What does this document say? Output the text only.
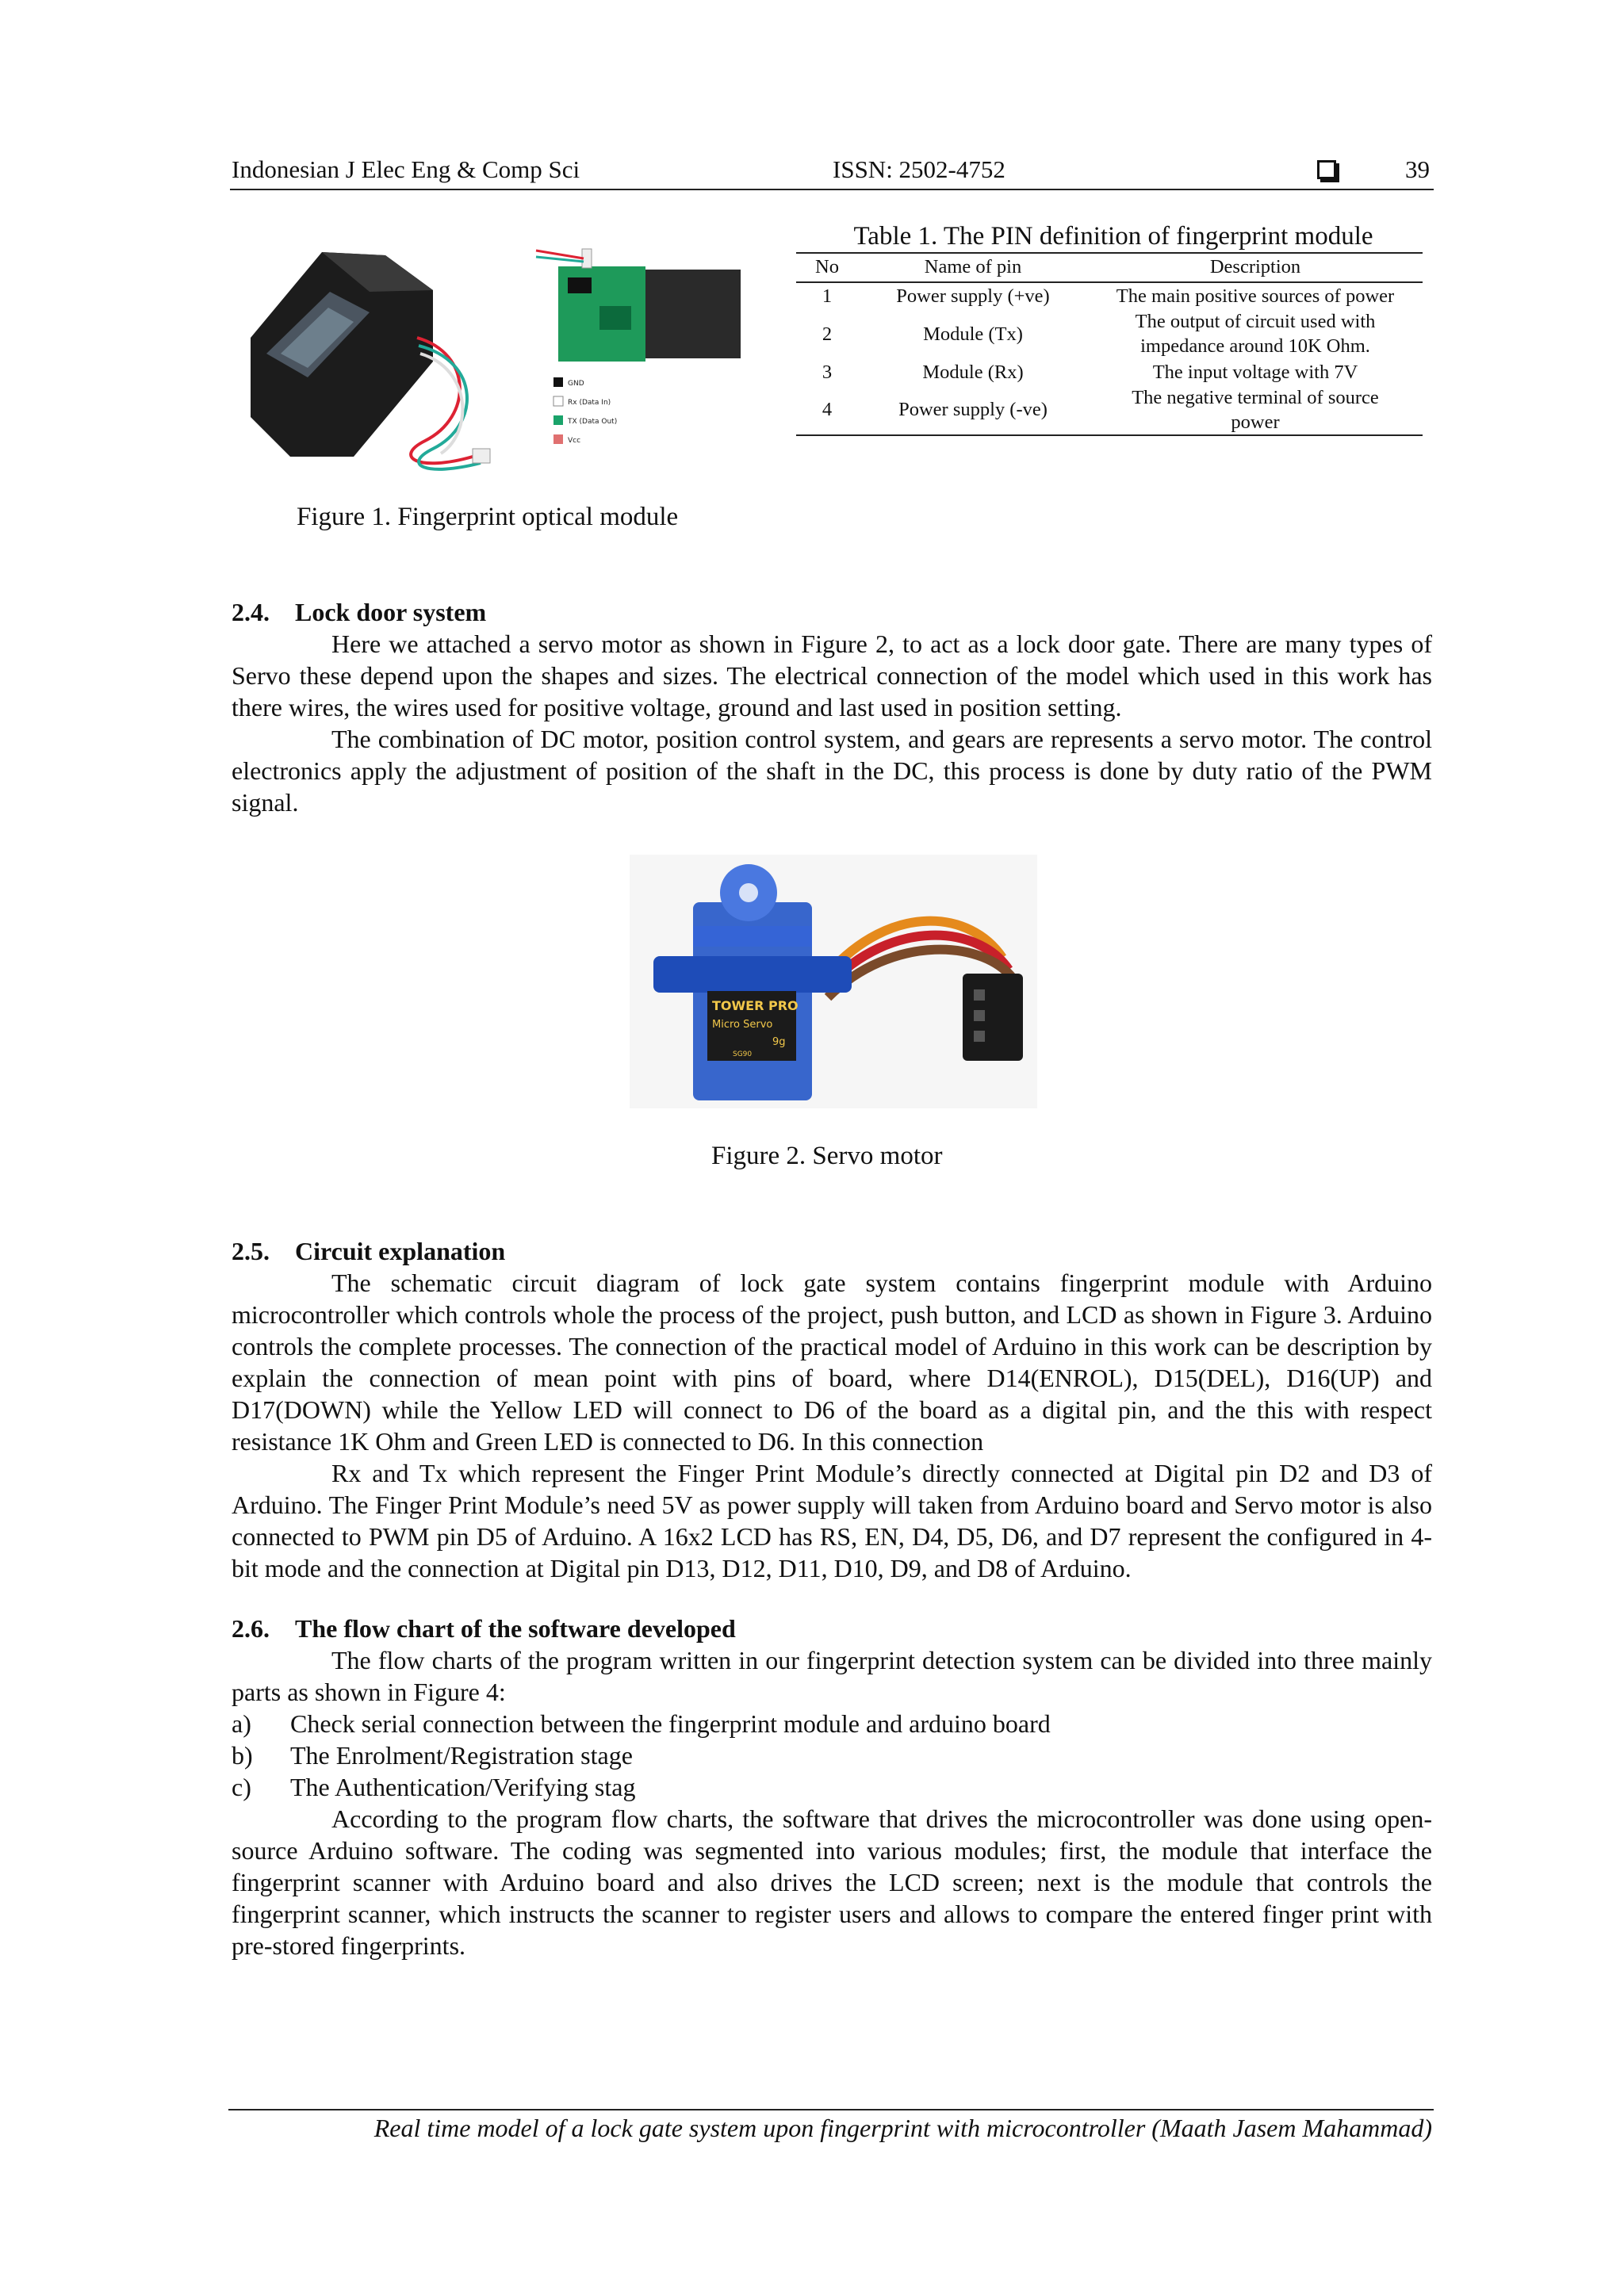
Indonesian J Elec Eng & Comp Sci	ISSN: 2502-4752	39
GND
Rx (Data In)
TX (Data Out)
Vcc
Figure 1. Fingerprint optical module
Table 1. The PIN definition of fingerprint module
No	Name of pin	Description
1	Power supply (+ve)	The main positive sources of power
2	Module (Tx)	The output of circuit used with impedance around 10K Ohm.
3	Module (Rx)	The input voltage with 7V
4	Power supply (-ve)	The negative terminal of source power
2.4. Lock door system

Here we attached a servo motor as shown in Figure 2, to act as a lock door gate. There are many types of Servo these depend upon the shapes and sizes. The electrical connection of the model which used in this work has there wires, the wires used for positive voltage, ground and last used in position setting.

The combination of DC motor, position control system, and gears are represents a servo motor. The control electronics apply the adjustment of position of the shaft in the DC, this process is done by duty ratio of the PWM signal.

TOWER PRO
Micro Servo
9g
SG90
Figure 2. Servo motor
2.5. Circuit explanation

The schematic circuit diagram of lock gate system contains fingerprint module with Arduino microcontroller which controls whole the process of the project, push button, and LCD as shown in Figure 3. Arduino controls the complete processes. The connection of the practical model of Arduino in this work can be description by explain the connection of mean point with pins of board, where D14(ENROL), D15(DEL), D16(UP) and D17(DOWN) while the Yellow LED will connect to D6 of the board as a digital pin, and the this with respect resistance 1K Ohm and Green LED is connected to D6. In this connection

Rx and Tx which represent the Finger Print Module’s directly connected at Digital pin D2 and D3 of Arduino. The Finger Print Module’s need 5V as power supply will taken from Arduino board and Servo motor is also connected to PWM pin D5 of Arduino. A 16x2 LCD has RS, EN, D4, D5, D6, and D7 represent the configured in 4-bit mode and the connection at Digital pin D13, D12, D11, D10, D9, and D8 of Arduino.

2.6. The flow chart of the software developed

The flow charts of the program written in our fingerprint detection system can be divided into three mainly parts as shown in Figure 4:

a)	Check serial connection between the fingerprint module and arduino board
b)	The Enrolment/Registration stage
c)	The Authentication/Verifying stag

According to the program flow charts, the software that drives the microcontroller was done using open-source Arduino software. The coding was segmented into various modules; first, the module that interface the fingerprint scanner with Arduino board and also drives the LCD screen; next is the module that controls the fingerprint scanner, which instructs the scanner to register users and allows to compare the entered finger print with pre-stored fingerprints.

Real time model of a lock gate system upon fingerprint with microcontroller (Maath Jasem Mahammad)
